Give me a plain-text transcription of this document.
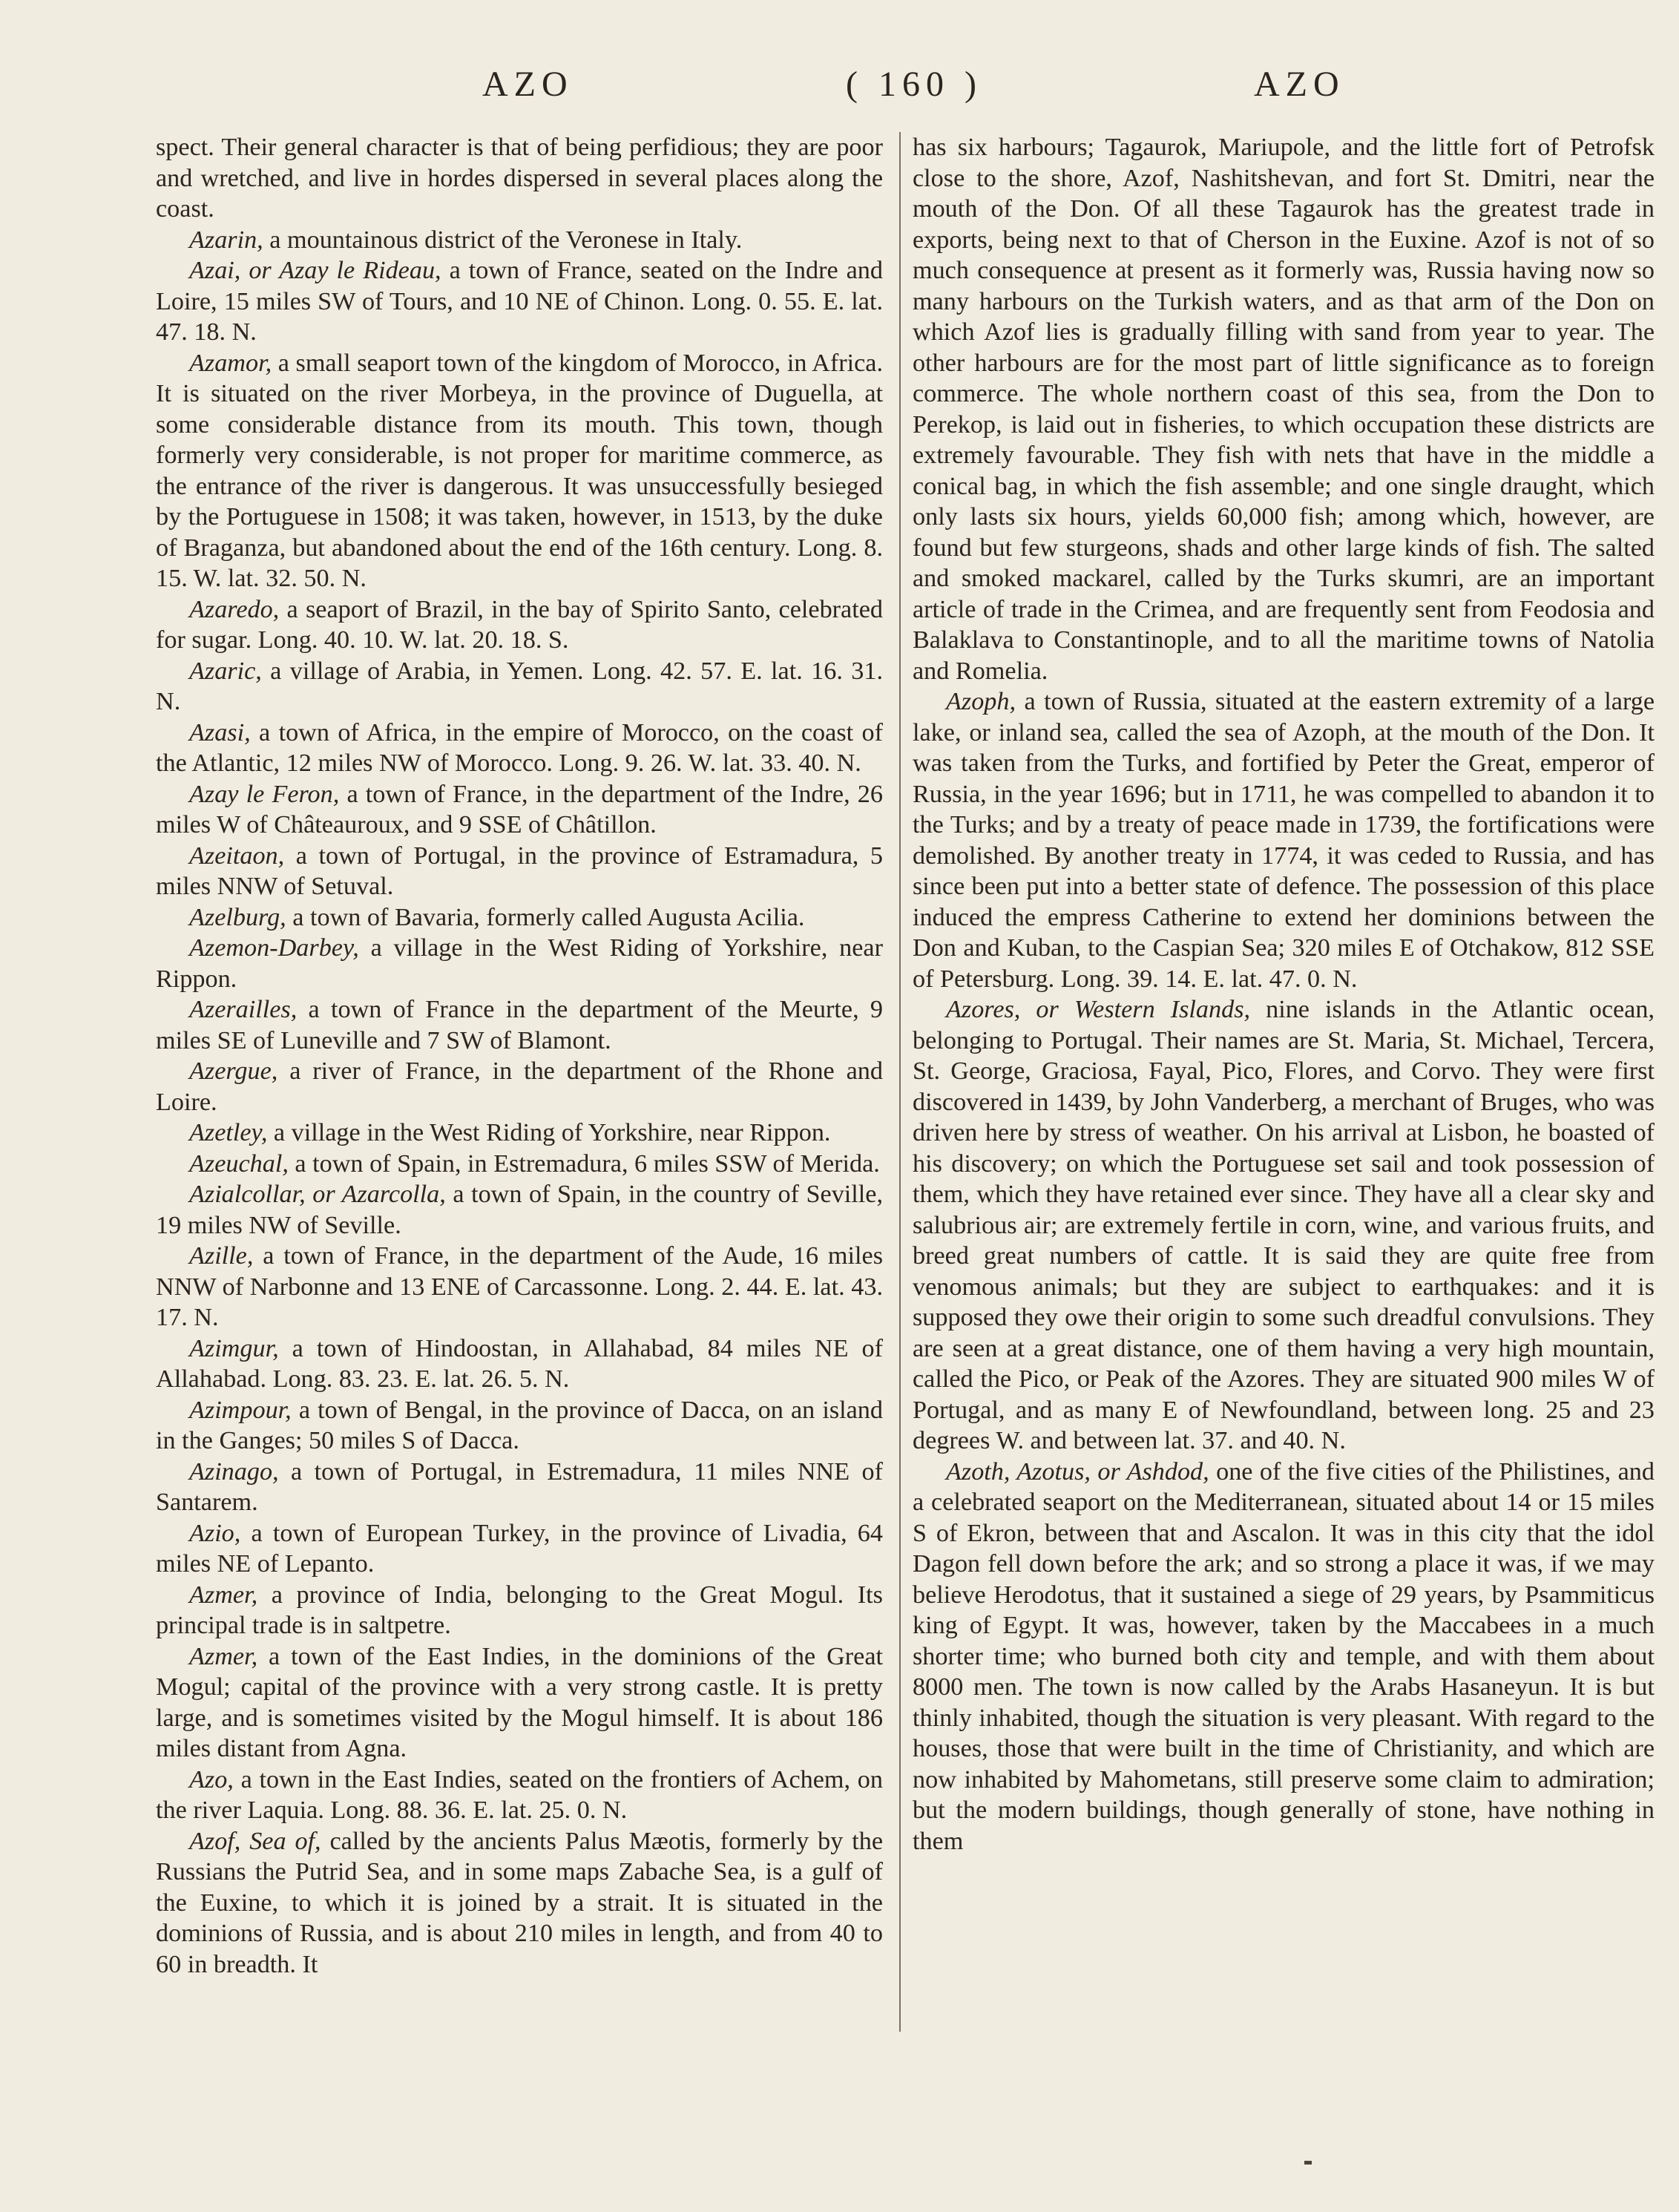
AZO	( 160 )	AZO

spect. Their general character is that of being perfidious; they are poor and wretched, and live in hordes dispersed in several places along the coast.

Azarin, a mountainous district of the Veronese in Italy.

Azai, or Azay le Rideau, a town of France, seated on the Indre and Loire, 15 miles SW of Tours, and 10 NE of Chinon. Long. 0. 55. E. lat. 47. 18. N.

Azamor, a small seaport town of the kingdom of Morocco, in Africa. It is situated on the river Morbeya, in the province of Duguella, at some considerable distance from its mouth. This town, though formerly very considerable, is not proper for maritime commerce, as the entrance of the river is dangerous. It was unsuccessfully besieged by the Portuguese in 1508; it was taken, however, in 1513, by the duke of Braganza, but abandoned about the end of the 16th century. Long. 8. 15. W. lat. 32. 50. N.

Azaredo, a seaport of Brazil, in the bay of Spirito Santo, celebrated for sugar. Long. 40. 10. W. lat. 20. 18. S.

Azaric, a village of Arabia, in Yemen. Long. 42. 57. E. lat. 16. 31. N.

Azasi, a town of Africa, in the empire of Morocco, on the coast of the Atlantic, 12 miles NW of Morocco. Long. 9. 26. W. lat. 33. 40. N.

Azay le Feron, a town of France, in the department of the Indre, 26 miles W of Châteauroux, and 9 SSE of Châtillon.

Azeitaon, a town of Portugal, in the province of Estramadura, 5 miles NNW of Setuval.

Azelburg, a town of Bavaria, formerly called Augusta Acilia.

Azemon-Darbey, a village in the West Riding of Yorkshire, near Rippon.

Azerailles, a town of France in the department of the Meurte, 9 miles SE of Luneville and 7 SW of Blamont.

Azergue, a river of France, in the department of the Rhone and Loire.

Azetley, a village in the West Riding of Yorkshire, near Rippon.

Azeuchal, a town of Spain, in Estremadura, 6 miles SSW of Merida.

Azialcollar, or Azarcolla, a town of Spain, in the country of Seville, 19 miles NW of Seville.

Azille, a town of France, in the department of the Aude, 16 miles NNW of Narbonne and 13 ENE of Carcassonne. Long. 2. 44. E. lat. 43. 17. N.

Azimgur, a town of Hindoostan, in Allahabad, 84 miles NE of Allahabad. Long. 83. 23. E. lat. 26. 5. N.

Azimpour, a town of Bengal, in the province of Dacca, on an island in the Ganges; 50 miles S of Dacca.

Azinago, a town of Portugal, in Estremadura, 11 miles NNE of Santarem.

Azio, a town of European Turkey, in the province of Livadia, 64 miles NE of Lepanto.

Azmer, a province of India, belonging to the Great Mogul. Its principal trade is in saltpetre.

Azmer, a town of the East Indies, in the dominions of the Great Mogul; capital of the province with a very strong castle. It is pretty large, and is sometimes visited by the Mogul himself. It is about 186 miles distant from Agna.

Azo, a town in the East Indies, seated on the frontiers of Achem, on the river Laquia. Long. 88. 36. E. lat. 25. 0. N.

Azof, Sea of, called by the ancients Palus Mæotis, formerly by the Russians the Putrid Sea, and in some maps Zabache Sea, is a gulf of the Euxine, to which it is joined by a strait. It is situated in the dominions of Russia, and is about 210 miles in length, and from 40 to 60 in breadth. It

has six harbours; Tagaurok, Mariupole, and the little fort of Petrofsk close to the shore, Azof, Nashitshevan, and fort St. Dmitri, near the mouth of the Don. Of all these Tagaurok has the greatest trade in exports, being next to that of Cherson in the Euxine. Azof is not of so much consequence at present as it formerly was, Russia having now so many harbours on the Turkish waters, and as that arm of the Don on which Azof lies is gradually filling with sand from year to year. The other harbours are for the most part of little significance as to foreign commerce. The whole northern coast of this sea, from the Don to Perekop, is laid out in fisheries, to which occupation these districts are extremely favourable. They fish with nets that have in the middle a conical bag, in which the fish assemble; and one single draught, which only lasts six hours, yields 60,000 fish; among which, however, are found but few sturgeons, shads and other large kinds of fish. The salted and smoked mackarel, called by the Turks skumri, are an important article of trade in the Crimea, and are frequently sent from Feodosia and Balaklava to Constantinople, and to all the maritime towns of Natolia and Romelia.

Azoph, a town of Russia, situated at the eastern extremity of a large lake, or inland sea, called the sea of Azoph, at the mouth of the Don. It was taken from the Turks, and fortified by Peter the Great, emperor of Russia, in the year 1696; but in 1711, he was compelled to abandon it to the Turks; and by a treaty of peace made in 1739, the fortifications were demolished. By another treaty in 1774, it was ceded to Russia, and has since been put into a better state of defence. The possession of this place induced the empress Catherine to extend her dominions between the Don and Kuban, to the Caspian Sea; 320 miles E of Otchakow, 812 SSE of Petersburg. Long. 39. 14. E. lat. 47. 0. N.

Azores, or Western Islands, nine islands in the Atlantic ocean, belonging to Portugal. Their names are St. Maria, St. Michael, Tercera, St. George, Graciosa, Fayal, Pico, Flores, and Corvo. They were first discovered in 1439, by John Vanderberg, a merchant of Bruges, who was driven here by stress of weather. On his arrival at Lisbon, he boasted of his discovery; on which the Portuguese set sail and took possession of them, which they have retained ever since. They have all a clear sky and salubrious air; are extremely fertile in corn, wine, and various fruits, and breed great numbers of cattle. It is said they are quite free from venomous animals; but they are subject to earthquakes: and it is supposed they owe their origin to some such dreadful convulsions. They are seen at a great distance, one of them having a very high mountain, called the Pico, or Peak of the Azores. They are situated 900 miles W of Portugal, and as many E of Newfoundland, between long. 25 and 23 degrees W. and between lat. 37. and 40. N.

Azoth, Azotus, or Ashdod, one of the five cities of the Philistines, and a celebrated seaport on the Mediterranean, situated about 14 or 15 miles S of Ekron, between that and Ascalon. It was in this city that the idol Dagon fell down before the ark; and so strong a place it was, if we may believe Herodotus, that it sustained a siege of 29 years, by Psammiticus king of Egypt. It was, however, taken by the Maccabees in a much shorter time; who burned both city and temple, and with them about 8000 men. The town is now called by the Arabs Hasaneyun. It is but thinly inhabited, though the situation is very pleasant. With regard to the houses, those that were built in the time of Christianity, and which are now inhabited by Mahometans, still preserve some claim to admiration; but the modern buildings, though generally of stone, have nothing in them
